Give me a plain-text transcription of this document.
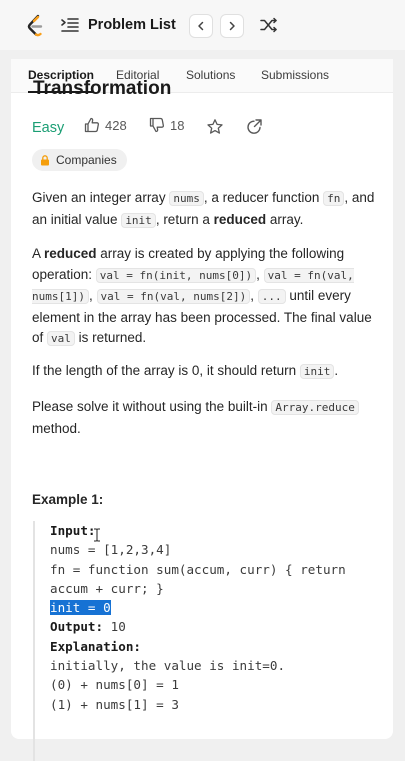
Problem List
Description Editorial Solutions Submissions
Transformation
Easy	428	18
Companies
Given an integer array nums , a reducer function fn , and an initial value init , return a reduced array.
A reduced array is created by applying the following operation: val = fn(init, nums[0]) , val = fn(val, nums[1]) , val = fn(val, nums[2]) , ... until every element in the array has been processed. The final value of val is returned.
If the length of the array is 0, it should return init .
Please solve it without using the built-in Array.reduce method.
Example 1:
Input:
nums = [1,2,3,4]
fn = function sum(accum, curr) { return
accum + curr; }
init = 0
Output: 10
Explanation:
initially, the value is init=0.
(0) + nums[0] = 1
(1) + nums[1] = 3
